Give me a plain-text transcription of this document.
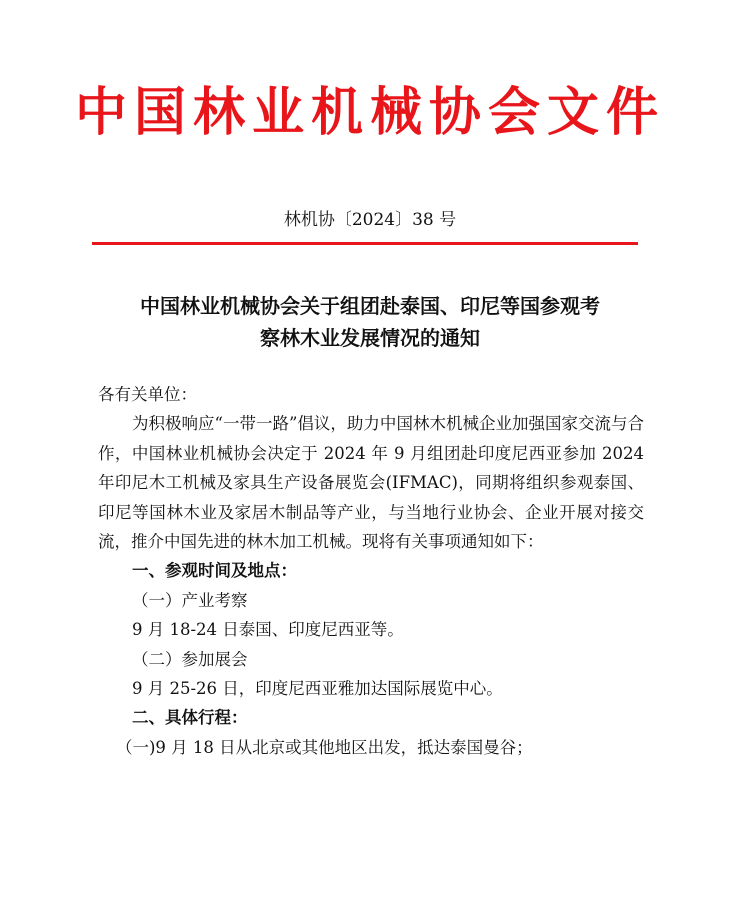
中国林业机械协会文件
林机协〔2024〕38 号
中国林业机械协会关于组团赴泰国、印尼等国参观考
察林木业发展情况的通知

各有关单位：

为积极响应“一带一路”倡议，助力中国林木机械企业加强国家交流与合作，中国林业机械协会决定于 2024 年 9 月组团赴印度尼西亚参加 2024 年印尼木工机械及家具生产设备展览会(IFMAC)，同期将组织参观泰国、印尼等国林木业及家居木制品等产业，与当地行业协会、企业开展对接交流，推介中国先进的林木加工机械。现将有关事项通知如下：

一、参观时间及地点：

（一）产业考察

9 月 18-24 日泰国、印度尼西亚等。

（二）参加展会

9 月 25-26 日，印度尼西亚雅加达国际展览中心。

二、具体行程：

（一)9 月 18 日从北京或其他地区出发，抵达泰国曼谷；
